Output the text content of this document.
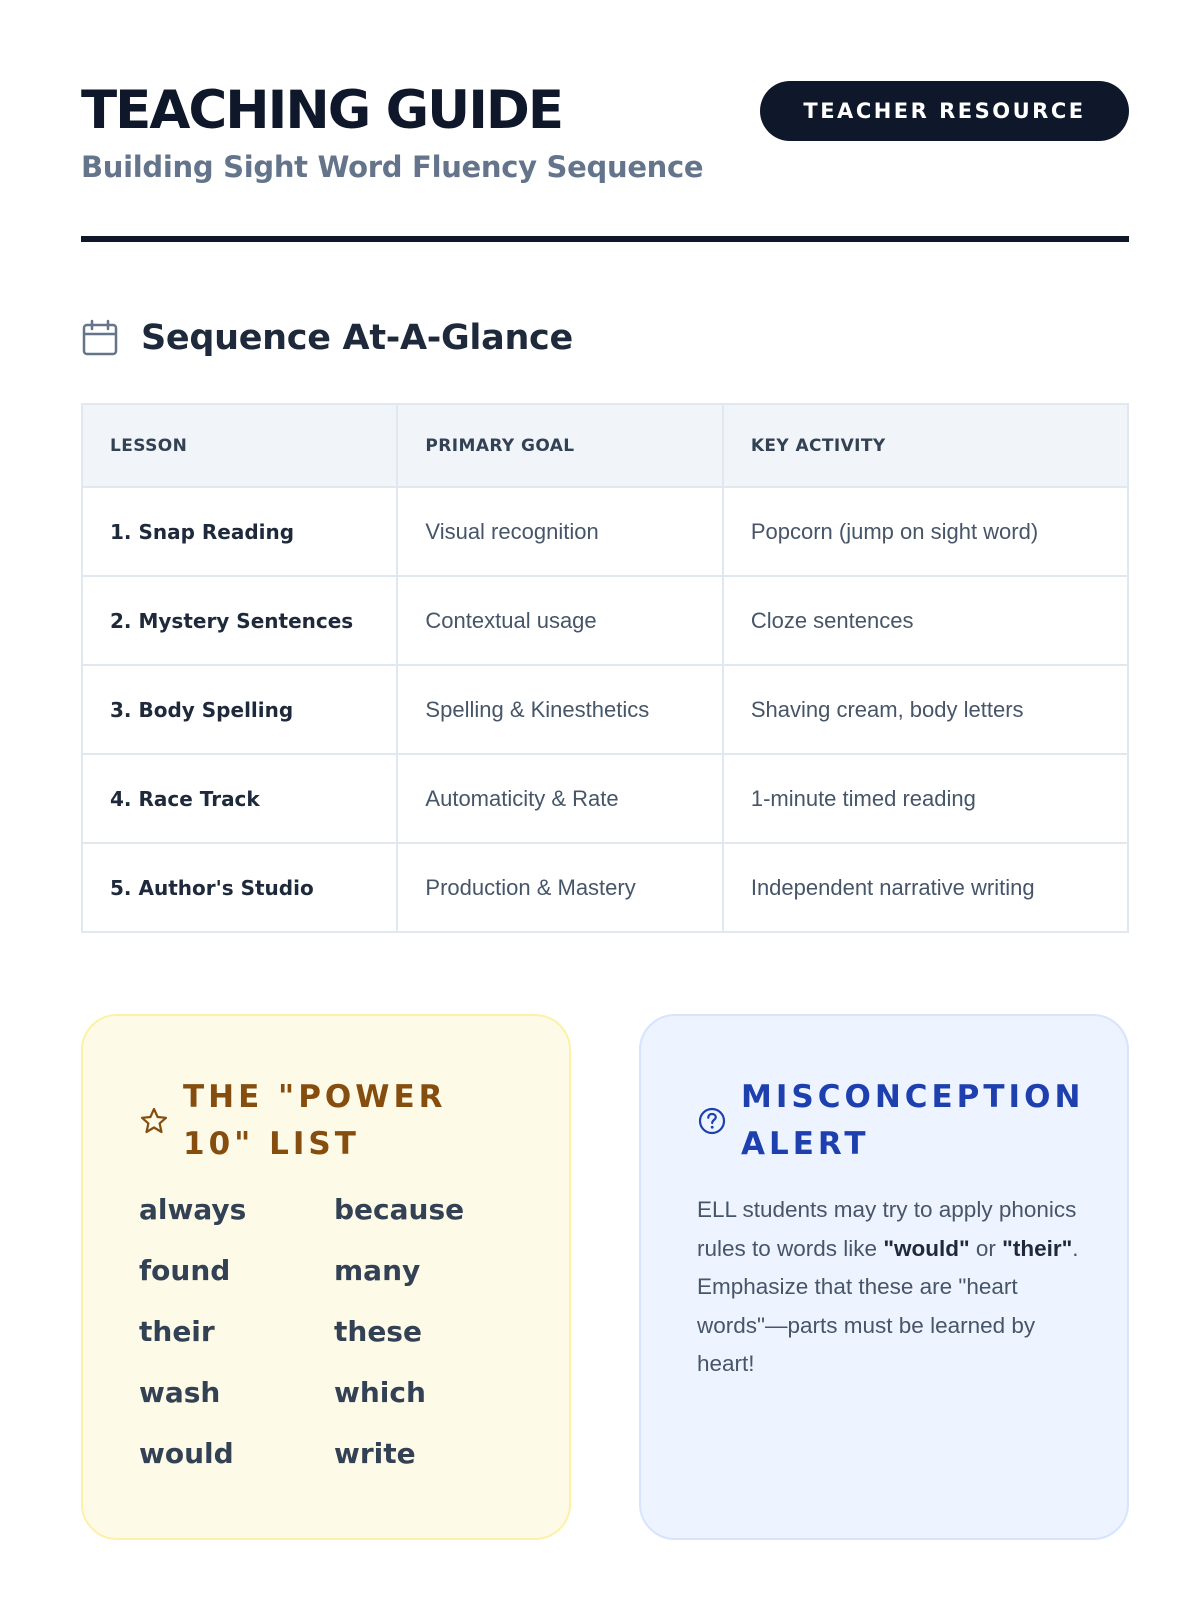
TEACHING GUIDE
Building Sight Word Fluency Sequence
TEACHER RESOURCE
Sequence At-A-Glance
LESSON	PRIMARY GOAL	KEY ACTIVITY
1. Snap Reading	Visual recognition	Popcorn (jump on sight word)
2. Mystery Sentences	Contextual usage	Cloze sentences
3. Body Spelling	Spelling & Kinesthetics	Shaving cream, body letters
4. Race Track	Automaticity & Rate	1-minute timed reading
5. Author's Studio	Production & Mastery	Independent narrative writing
THE "POWER 10" LIST
always	because
found	many
their	these
wash	which
would	write
MISCONCEPTION ALERT

ELL students may try to apply phonics rules to words like "would" or "their". Emphasize that these are "heart words"—parts must be learned by heart!
